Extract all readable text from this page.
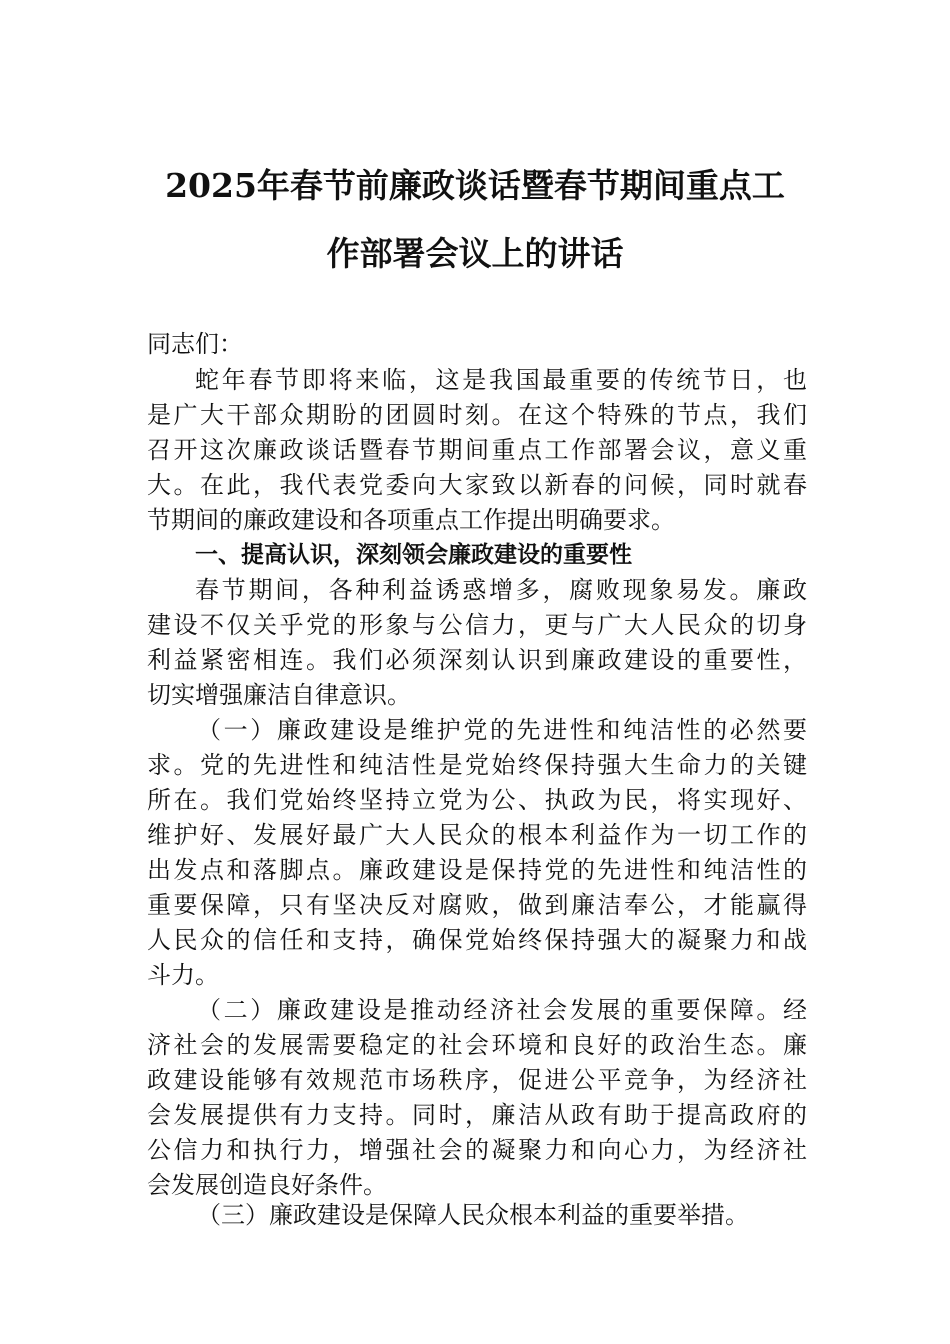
2025年春节前廉政谈话暨春节期间重点工
作部署会议上的讲话
同志们：
蛇年春节即将来临，这是我国最重要的传统节日，也
是广大干部众期盼的团圆时刻。在这个特殊的节点，我们
召开这次廉政谈话暨春节期间重点工作部署会议，意义重
大。在此，我代表党委向大家致以新春的问候，同时就春
节期间的廉政建设和各项重点工作提出明确要求。
一、提高认识，深刻领会廉政建设的重要性
春节期间，各种利益诱惑增多，腐败现象易发。廉政
建设不仅关乎党的形象与公信力，更与广大人民众的切身
利益紧密相连。我们必须深刻认识到廉政建设的重要性，
切实增强廉洁自律意识。
（一）廉政建设是维护党的先进性和纯洁性的必然要
求。党的先进性和纯洁性是党始终保持强大生命力的关键
所在。我们党始终坚持立党为公、执政为民，将实现好、
维护好、发展好最广大人民众的根本利益作为一切工作的
出发点和落脚点。廉政建设是保持党的先进性和纯洁性的
重要保障，只有坚决反对腐败，做到廉洁奉公，才能赢得
人民众的信任和支持，确保党始终保持强大的凝聚力和战
斗力。
（二）廉政建设是推动经济社会发展的重要保障。经
济社会的发展需要稳定的社会环境和良好的政治生态。廉
政建设能够有效规范市场秩序，促进公平竞争，为经济社
会发展提供有力支持。同时，廉洁从政有助于提高政府的
公信力和执行力，增强社会的凝聚力和向心力，为经济社
会发展创造良好条件。
（三）廉政建设是保障人民众根本利益的重要举措。
